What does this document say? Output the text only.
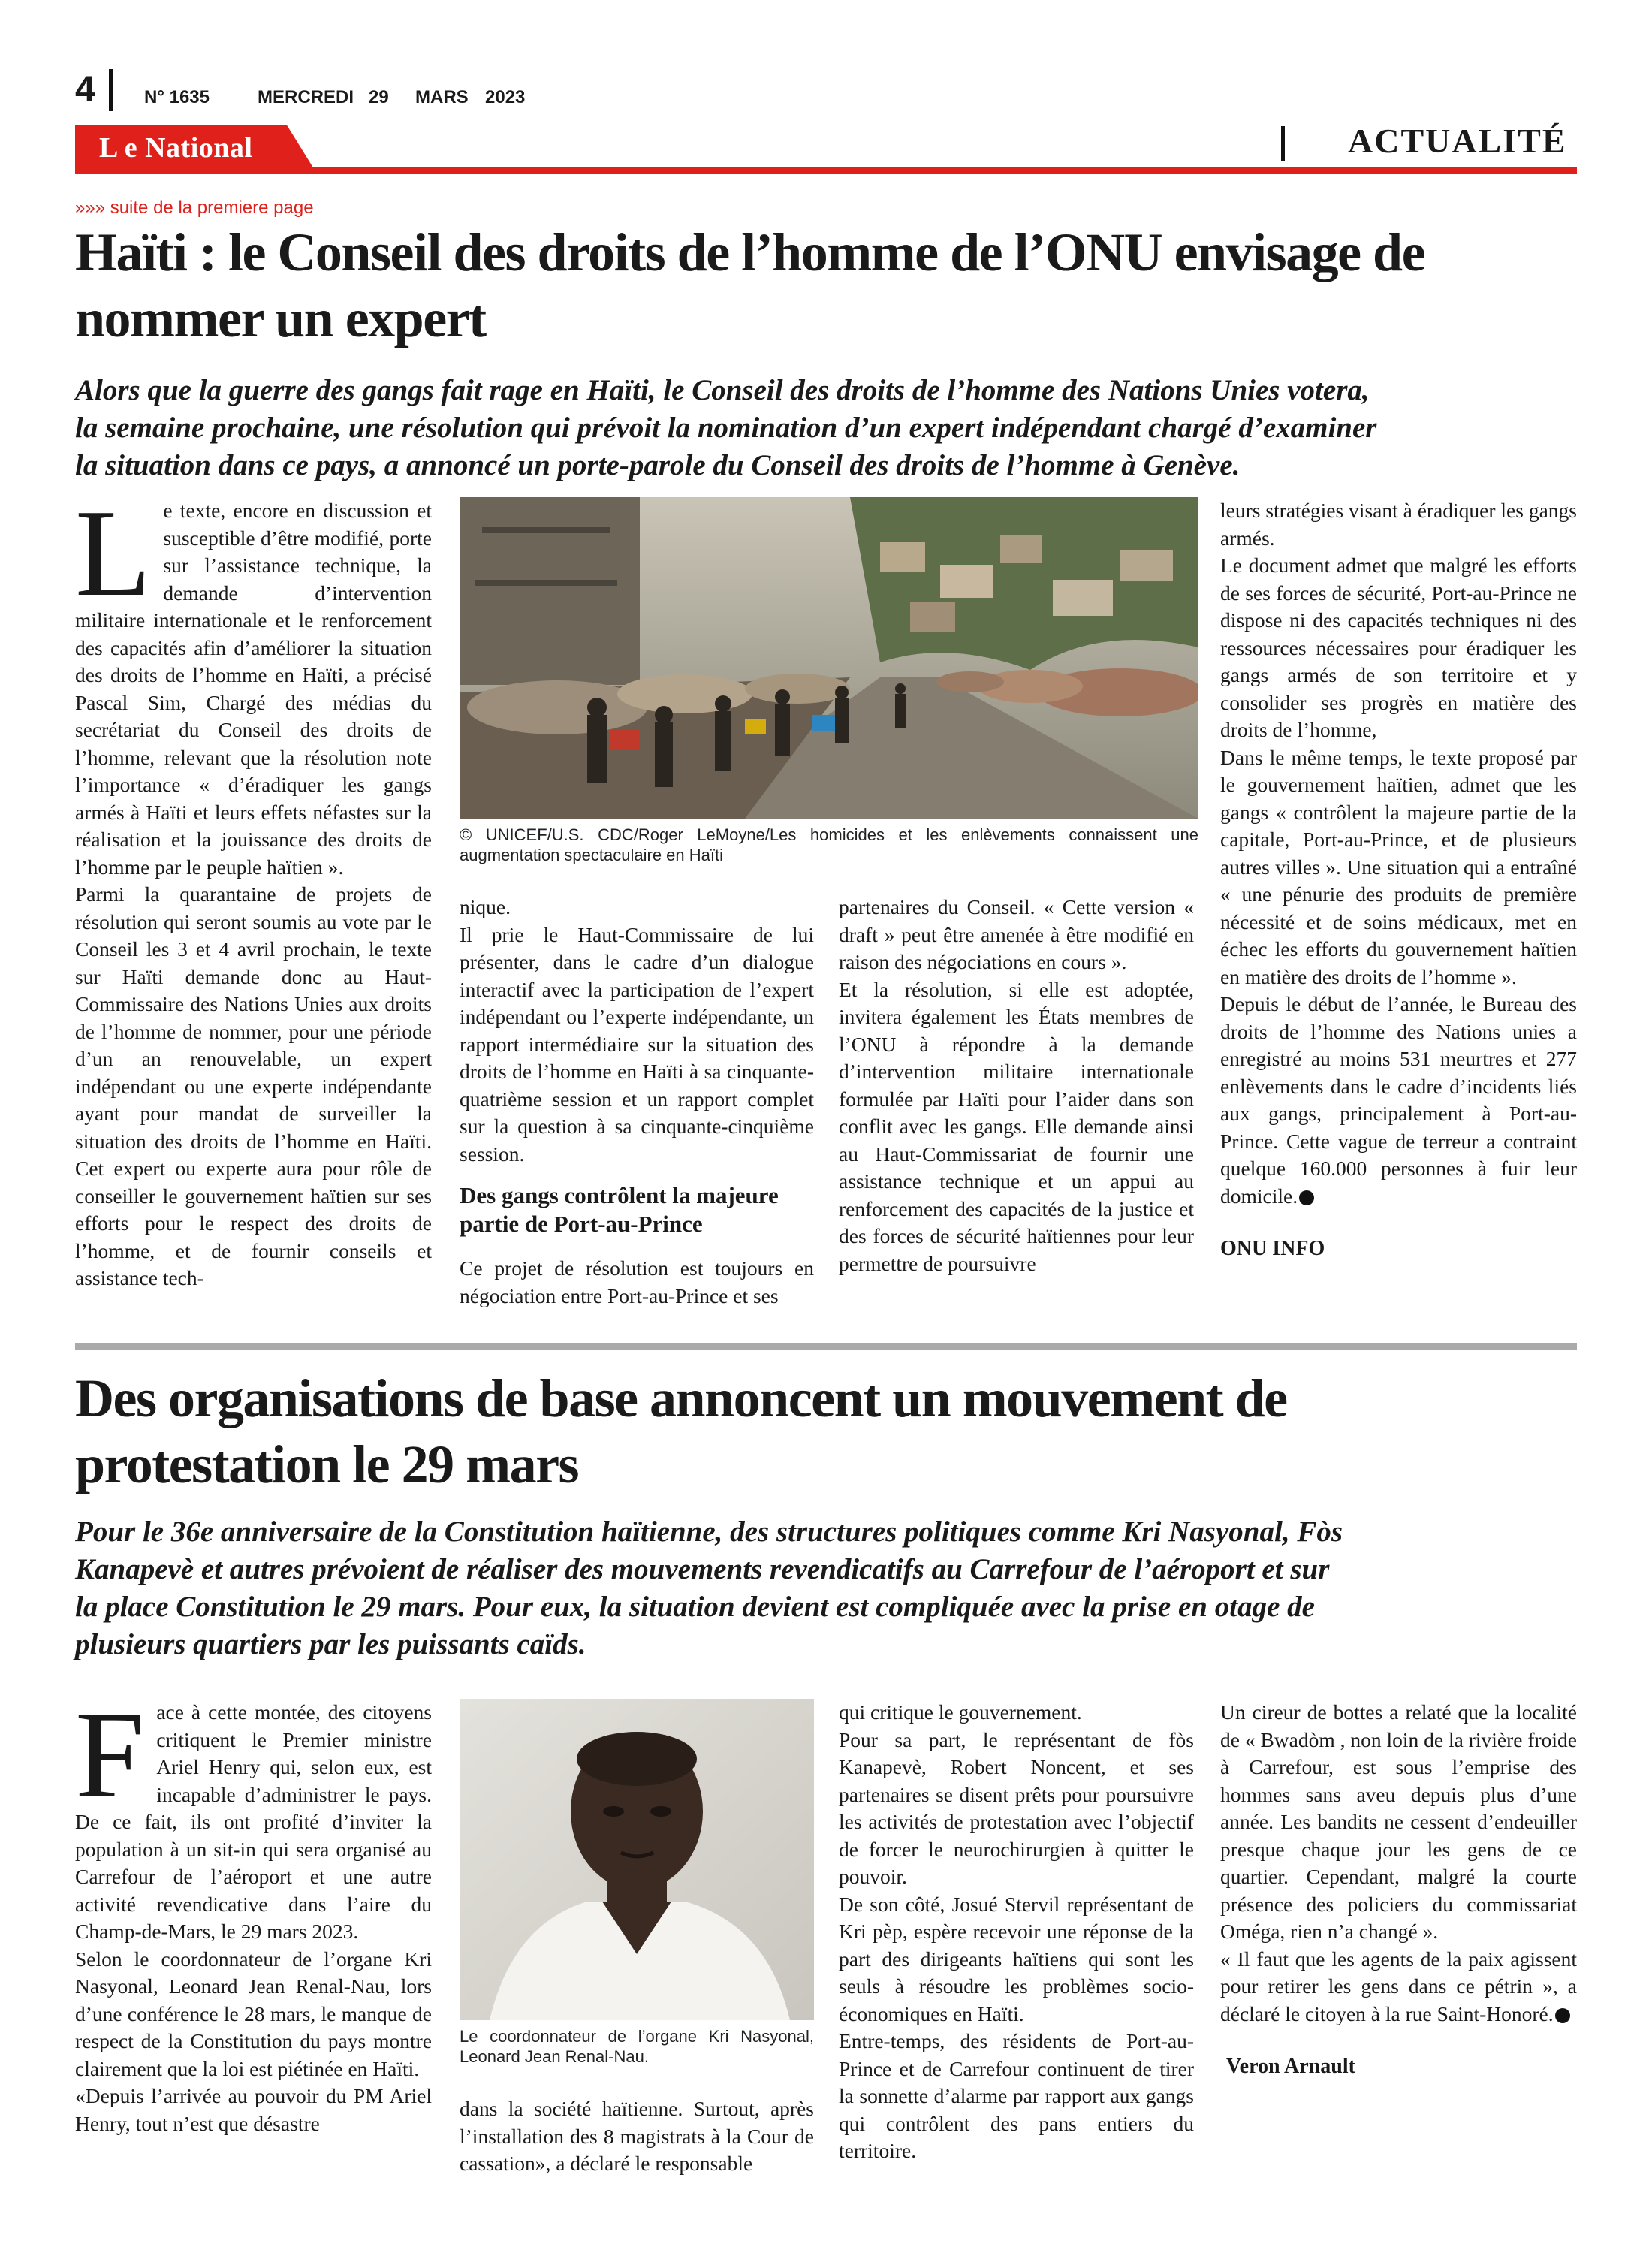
4	N° 1635	MERCREDI 29 MARS 2023
L e National	ACTUALITÉ
»»» suite de la premiere page
Haïti : le Conseil des droits de l’homme de l’ONU envisage de
nommer un expert
Alors que la guerre des gangs fait rage en Haïti, le Conseil des droits de l’homme des Nations Unies votera,
la semaine prochaine, une résolution qui prévoit la nomination d’un expert indépendant chargé d’examiner
la situation dans ce pays, a annoncé un porte-parole du Conseil des droits de l’homme à Genève.
L e texte, encore en discussion et susceptible d’être modifié, porte sur l’assistance technique, la demande d’intervention militaire internationale et le renforcement des capacités afin d’améliorer la situation des droits de l’homme en Haïti, a précisé Pascal Sim, Chargé des médias du secrétariat du Conseil des droits de l’homme, relevant que la résolution note l’importance « d’éradiquer les gangs armés à Haïti et leurs effets néfastes sur la réalisation et la jouissance des droits de l’homme par le peuple haïtien ».

Parmi la quarantaine de projets de résolution qui seront soumis au vote par le Conseil les 3 et 4 avril prochain, le texte sur Haïti demande donc au Haut-Commissaire des Nations Unies aux droits de l’homme de nommer, pour une période d’un an renouvelable, un expert indépendant ou une experte indépendante ayant pour mandat de surveiller la situation des droits de l’homme en Haïti. Cet expert ou experte aura pour rôle de conseiller le gouvernement haïtien sur ses efforts pour le respect des droits de l’homme, et de fournir conseils et assistance tech-

© UNICEF/U.S. CDC/Roger LeMoyne/Les homicides et les enlèvements connaissent une augmentation spectaculaire en Haïti

nique.

Il prie le Haut-Commissaire de lui présenter, dans le cadre d’un dialogue interactif avec la participation de l’expert indépendant ou l’experte indépendante, un rapport intermédiaire sur la situation des droits de l’homme en Haïti à sa cinquante-quatrième session et un rapport complet sur la question à sa cinquante-cinquième session.

Des gangs contrôlent la majeure partie de Port-au-Prince

Ce projet de résolution est toujours en négociation entre Port-au-Prince et ses

partenaires du Conseil. « Cette version « draft » peut être amenée à être modifié en raison des négociations en cours ».

Et la résolution, si elle est adoptée, invitera également les États membres de l’ONU à répondre à la demande d’intervention militaire internationale formulée par Haïti pour l’aider dans son conflit avec les gangs. Elle demande ainsi au Haut-Commissariat de fournir une assistance technique et un appui au renforcement des capacités de la justice et des forces de sécurité haïtiennes pour leur permettre de poursuivre

leurs stratégies visant à éradiquer les gangs armés.

Le document admet que malgré les efforts de ses forces de sécurité, Port-au-Prince ne dispose ni des capacités techniques ni des ressources nécessaires pour éradiquer les gangs armés de son territoire et y consolider ses progrès en matière des droits de l’homme,

Dans le même temps, le texte proposé par le gouvernement haïtien, admet que les gangs « contrôlent la majeure partie de la capitale, Port-au-Prince, et de plusieurs autres villes ». Une situation qui a entraîné « une pénurie des produits de première nécessité et de soins médicaux, met en échec les efforts du gouvernement haïtien en matière des droits de l’homme ».

Depuis le début de l’année, le Bureau des droits de l’homme des Nations unies a enregistré au moins 531 meurtres et 277 enlèvements dans le cadre d’incidents liés aux gangs, principalement à Port-au-Prince. Cette vague de terreur a contraint quelque 160.000 personnes à fuir leur domicile.

ONU INFO
Des organisations de base annoncent un mouvement de
protestation le 29 mars
Pour le 36e anniversaire de la Constitution haïtienne, des structures politiques comme Kri Nasyonal, Fòs
Kanapevè et autres prévoient de réaliser des mouvements revendicatifs au Carrefour de l’aéroport et sur
la place Constitution le 29 mars. Pour eux, la situation devient est compliquée avec la prise en otage de
plusieurs quartiers par les puissants caïds.
F ace à cette montée, des citoyens critiquent le Premier ministre Ariel Henry qui, selon eux, est incapable d’administrer le pays. De ce fait, ils ont profité d’inviter la population à un sit-in qui sera organisé au Carrefour de l’aéroport et une autre activité revendicative dans l’aire du Champ-de-Mars, le 29 mars 2023.

Selon le coordonnateur de l’organe Kri Nasyonal, Leonard Jean Renal-Nau, lors d’une conférence le 28 mars, le manque de respect de la Constitution du pays montre clairement que la loi est piétinée en Haïti.

«Depuis l’arrivée au pouvoir du PM Ariel Henry, tout n’est que désastre

Le coordonnateur de l’organe Kri Nasyonal, Leonard Jean Renal-Nau.

dans la société haïtienne. Surtout, après l’installation des 8 magistrats à la Cour de cassation», a déclaré le responsable

qui critique le gouvernement.

Pour sa part, le représentant de fòs Kanapevè, Robert Noncent, et ses partenaires se disent prêts pour poursuivre les activités de protestation avec l’objectif de forcer le neurochirurgien à quitter le pouvoir.

De son côté, Josué Stervil représentant de Kri pèp, espère recevoir une réponse de la part des dirigeants haïtiens qui sont les seuls à résoudre les problèmes socio-économiques en Haïti.

Entre-temps, des résidents de Port-au-Prince et de Carrefour continuent de tirer la sonnette d’alarme par rapport aux gangs qui contrôlent des pans entiers du territoire.

Un cireur de bottes a relaté que la localité de « Bwadòm , non loin de la rivière froide à Carrefour, est sous l’emprise des hommes sans aveu depuis plus d’une année. Les bandits ne cessent d’endeuiller presque chaque jour les gens de ce quartier. Cependant, malgré la courte présence des policiers du commissariat Oméga, rien n’a changé ».

« Il faut que les agents de la paix agissent pour retirer les gens dans ce pétrin », a déclaré le citoyen à la rue Saint-Honoré.

Veron Arnault
